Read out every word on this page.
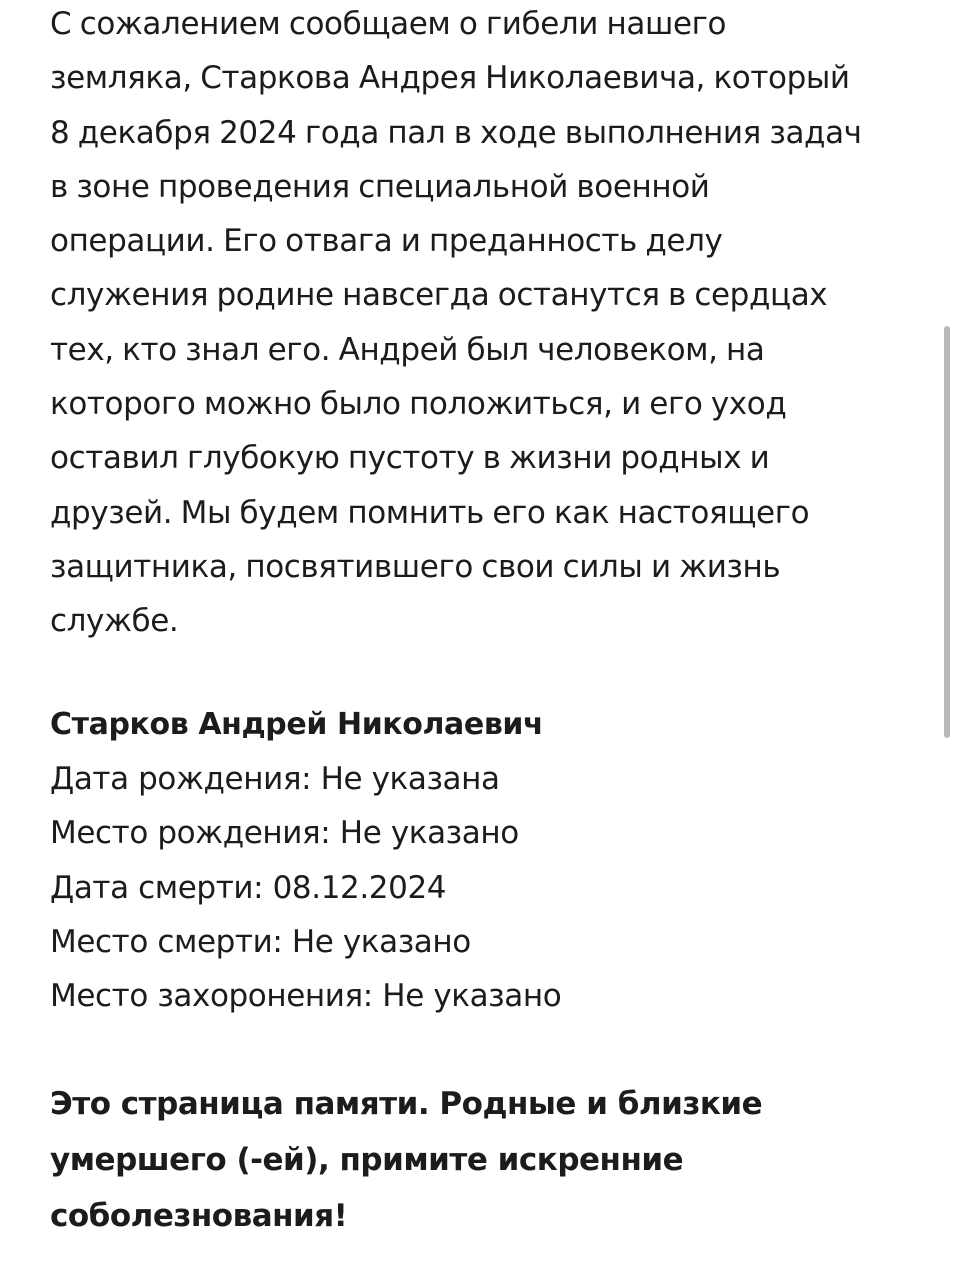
С сожалением сообщаем о гибели нашего
земляка, Старкова Андрея Николаевича, который
8 декабря 2024 года пал в ходе выполнения задач
в зоне проведения специальной военной
операции. Его отвага и преданность делу
служения родине навсегда останутся в сердцах
тех, кто знал его. Андрей был человеком, на
которого можно было положиться, и его уход
оставил глубокую пустоту в жизни родных и
друзей. Мы будем помнить его как настоящего
защитника, посвятившего свои силы и жизнь
службе.

Старков Андрей Николаевич
Дата рождения: Не указана
Место рождения: Не указано
Дата смерти: 08.12.2024
Место смерти: Не указано
Место захоронения: Не указано

Это страница памяти. Родные и близкие
умершего (-ей), примите искренние
соболезнования!
